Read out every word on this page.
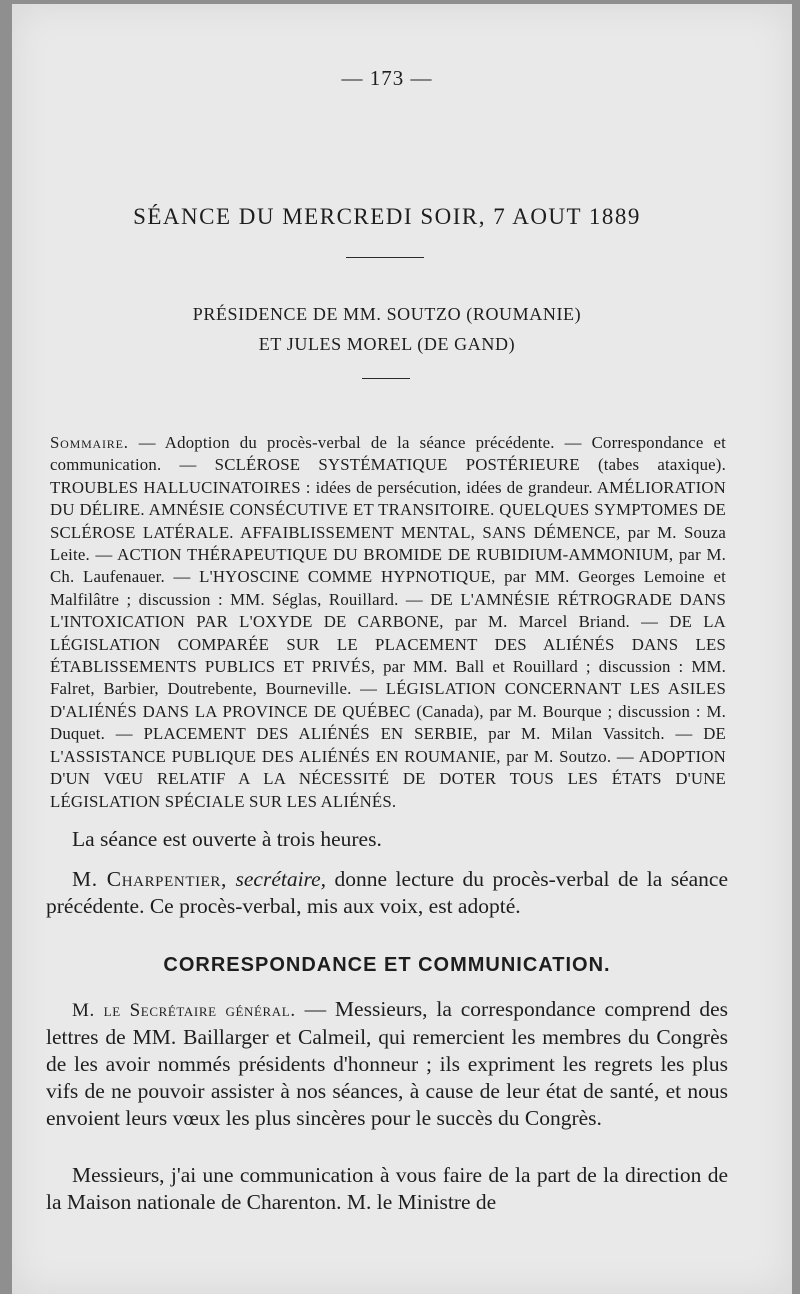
— 173 —
SÉANCE DU MERCREDI SOIR, 7 AOUT 1889
PRÉSIDENCE DE MM. SOUTZO (ROUMANIE)
ET JULES MOREL (DE GAND)
Sommaire. — Adoption du procès-verbal de la séance précédente. — Correspondance et communication. — SCLÉROSE SYSTÉMATIQUE POSTÉRIEURE (tabes ataxique). TROUBLES HALLUCINATOIRES : idées de persécution, idées de grandeur. AMÉLIORATION DU DÉLIRE. AMNÉSIE CONSÉCUTIVE ET TRANSITOIRE. QUELQUES SYMPTOMES DE SCLÉROSE LATÉRALE. AFFAIBLISSEMENT MENTAL, SANS DÉMENCE, par M. Souza Leite. — ACTION THÉRAPEUTIQUE DU BROMIDE DE RUBIDIUM-AMMONIUM, par M. Ch. Laufenauer. — L'HYOSCINE COMME HYPNOTIQUE, par MM. Georges Lemoine et Malfilâtre ; discussion : MM. Séglas, Rouillard. — DE L'AMNÉSIE RÉTROGRADE DANS L'INTOXICATION PAR L'OXYDE DE CARBONE, par M. Marcel Briand. — DE LA LÉGISLATION COMPARÉE SUR LE PLACEMENT DES ALIÉNÉS DANS LES ÉTABLISSEMENTS PUBLICS ET PRIVÉS, par MM. Ball et Rouillard ; discussion : MM. Falret, Barbier, Doutrebente, Bourneville. — LÉGISLATION CONCERNANT LES ASILES D'ALIÉNÉS DANS LA PROVINCE DE QUÉBEC (Canada), par M. Bourque ; discussion : M. Duquet. — PLACEMENT DES ALIÉNÉS EN SERBIE, par M. Milan Vassitch. — DE L'ASSISTANCE PUBLIQUE DES ALIÉNÉS EN ROUMANIE, par M. Soutzo. — ADOPTION D'UN VŒU RELATIF A LA NÉCESSITÉ DE DOTER TOUS LES ÉTATS D'UNE LÉGISLATION SPÉCIALE SUR LES ALIÉNÉS.
La séance est ouverte à trois heures.
M. Charpentier, secrétaire, donne lecture du procès-verbal de la séance précédente. Ce procès-verbal, mis aux voix, est adopté.
CORRESPONDANCE ET COMMUNICATION.
M. le Secrétaire général. — Messieurs, la correspondance comprend des lettres de MM. Baillarger et Calmeil, qui remercient les membres du Congrès de les avoir nommés présidents d'honneur ; ils expriment les regrets les plus vifs de ne pouvoir assister à nos séances, à cause de leur état de santé, et nous envoient leurs vœux les plus sincères pour le succès du Congrès.
Messieurs, j'ai une communication à vous faire de la part de la direction de la Maison nationale de Charenton. M. le Ministre de
